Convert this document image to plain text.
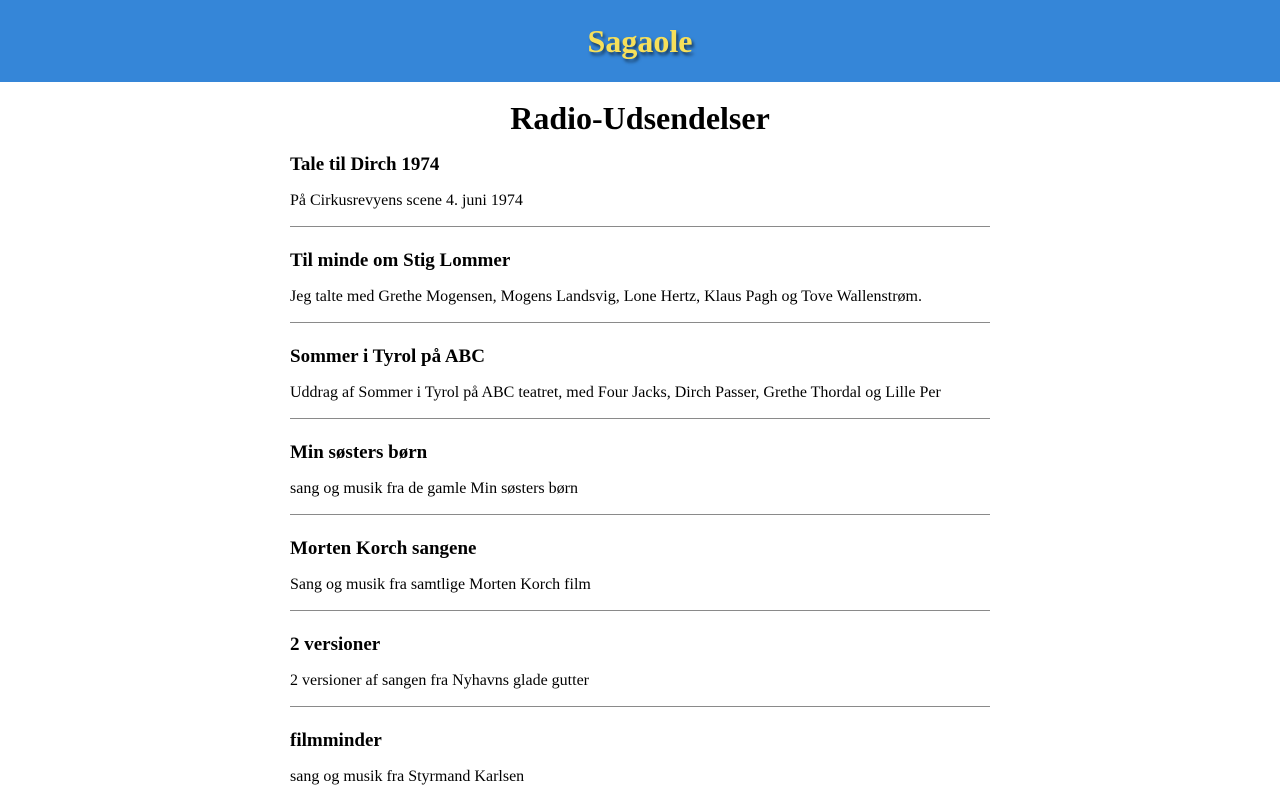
Sagaole
Radio-Udsendelser
Tale til Dirch 1974

På Cirkusrevyens scene 4. juni 1974

Til minde om Stig Lommer

Jeg talte med Grethe Mogensen, Mogens Landsvig, Lone Hertz, Klaus Pagh og Tove Wallenstrøm.

Sommer i Tyrol på ABC

Uddrag af Sommer i Tyrol på ABC teatret, med Four Jacks, Dirch Passer, Grethe Thordal og Lille Per

Min søsters børn

sang og musik fra de gamle Min søsters børn

Morten Korch sangene

Sang og musik fra samtlige Morten Korch film

2 versioner

2 versioner af sangen fra Nyhavns glade gutter

filmminder

sang og musik fra Styrmand Karlsen
